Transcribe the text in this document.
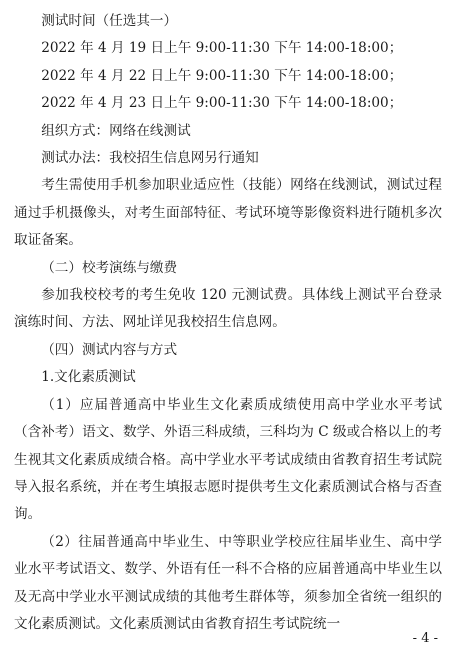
测试时间（任选其一）

2022 年 4 月 19 日上午 9:00-11:30 下午 14:00-18:00；

2022 年 4 月 22 日上午 9:00-11:30 下午 14:00-18:00；

2022 年 4 月 23 日上午 9:00-11:30 下午 14:00-18:00；

组织方式：网络在线测试

测试办法：我校招生信息网另行通知

考生需使用手机参加职业适应性（技能）网络在线测试，测试过程通过手机摄像头，对考生面部特征、考试环境等影像资料进行随机多次取证备案。

（二）校考演练与缴费

参加我校校考的考生免收 120 元测试费。具体线上测试平台登录演练时间、方法、网址详见我校招生信息网。

（四）测试内容与方式

1.文化素质测试

（1）应届普通高中毕业生文化素质成绩使用高中学业水平考试（含补考）语文、数学、外语三科成绩，三科均为 C 级或合格以上的考生视其文化素质成绩合格。高中学业水平考试成绩由省教育招生考试院导入报名系统，并在考生填报志愿时提供考生文化素质测试合格与否查询。

（2）往届普通高中毕业生、中等职业学校应往届毕业生、高中学业水平考试语文、数学、外语有任一科不合格的应届普通高中毕业生以及无高中学业水平测试成绩的其他考生群体等，须参加全省统一组织的文化素质测试。文化素质测试由省教育招生考试院统一

- 4 -
